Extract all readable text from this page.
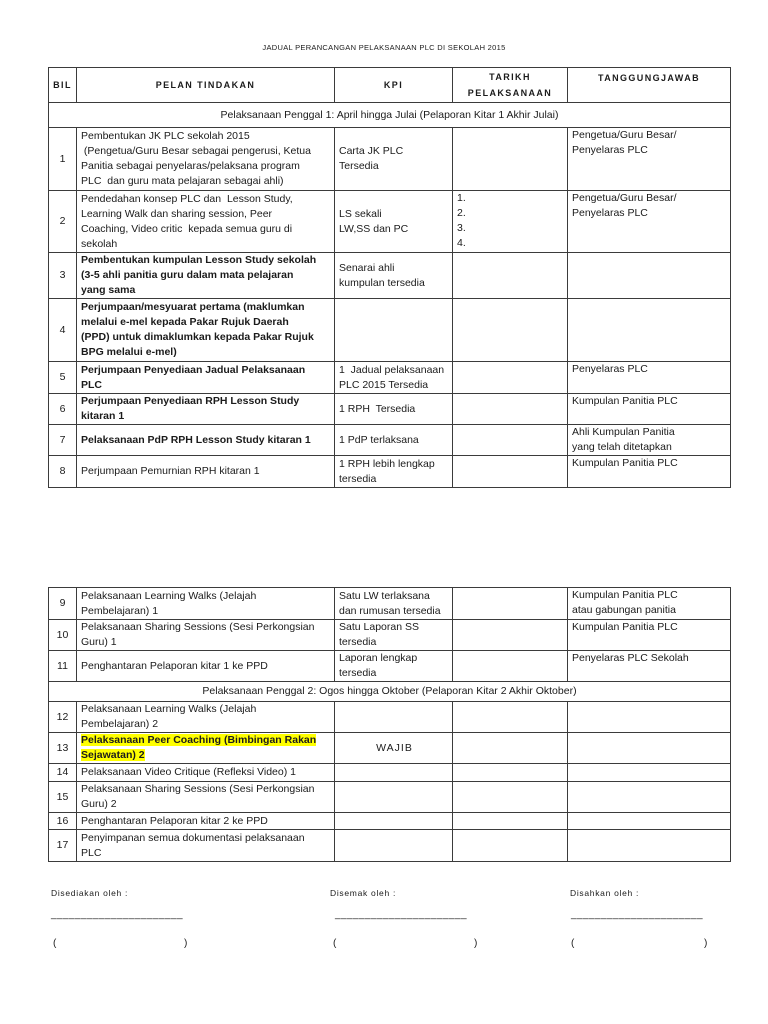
JADUAL PERANCANGAN PELAKSANAAN PLC DI SEKOLAH 2015
BIL	PELAN TINDAKAN	KPI	TARIKH
PELAKSANAAN	TANGGUNGJAWAB
Pelaksanaan Penggal 1: April hingga Julai (Pelaporan Kitar 1 Akhir Julai)				
1	Pembentukan JK PLC sekolah 2015
(Pengetua/Guru Besar sebagai pengerusi, Ketua
Panitia sebagai penyelaras/pelaksana program
PLC  dan guru mata pelajaran sebagai ahli)	Carta JK PLC
Tersedia		Pengetua/Guru Besar/
Penyelaras PLC
2	Pendedahan konsep PLC dan  Lesson Study,
Learning Walk dan sharing session, Peer
Coaching, Video critic  kepada semua guru di
sekolah	LS sekali
LW,SS dan PC	1.
2.
3.
4.	Pengetua/Guru Besar/
Penyelaras PLC
3	Pembentukan kumpulan Lesson Study sekolah
(3-5 ahli panitia guru dalam mata pelajaran
yang sama	Senarai ahli
kumpulan tersedia		
4	Perjumpaan/mesyuarat pertama (maklumkan
melalui e-mel kepada Pakar Rujuk Daerah
(PPD) untuk dimaklumkan kepada Pakar Rujuk
BPG melalui e-mel)			
5	Perjumpaan Penyediaan Jadual Pelaksanaan
PLC	1  Jadual pelaksanaan
PLC 2015 Tersedia		Penyelaras PLC
6	Perjumpaan Penyediaan RPH Lesson Study
kitaran 1	1 RPH  Tersedia		Kumpulan Panitia PLC
7	Pelaksanaan PdP RPH Lesson Study kitaran 1	1 PdP terlaksana		Ahli Kumpulan Panitia
yang telah ditetapkan
8	Perjumpaan Pemurnian RPH kitaran 1	1 RPH lebih lengkap
tersedia		Kumpulan Panitia PLC
9	Pelaksanaan Learning Walks (Jelajah
Pembelajaran) 1	Satu LW terlaksana
dan rumusan tersedia		Kumpulan Panitia PLC
atau gabungan panitia
10	Pelaksanaan Sharing Sessions (Sesi Perkongsian
Guru) 1	Satu Laporan SS
tersedia		Kumpulan Panitia PLC
11	Penghantaran Pelaporan kitar 1 ke PPD	Laporan lengkap
tersedia		Penyelaras PLC Sekolah
Pelaksanaan Penggal 2: Ogos hingga Oktober (Pelaporan Kitar 2 Akhir Oktober)				
12	Pelaksanaan Learning Walks (Jelajah
Pembelajaran) 2			
13	Pelaksanaan Peer Coaching (Bimbingan Rakan
Sejawatan) 2	WAJIB		
14	Pelaksanaan Video Critique (Refleksi Video) 1			
15	Pelaksanaan Sharing Sessions (Sesi Perkongsian
Guru) 2			
16	Penghantaran Pelaporan kitar 2 ke PPD			
17	Penyimpanan semua dokumentasi pelaksanaan
PLC			
Disediakan oleh :
______________________
(	)
Disemak oleh :
______________________
(	)
Disahkan oleh :
______________________
(	)
